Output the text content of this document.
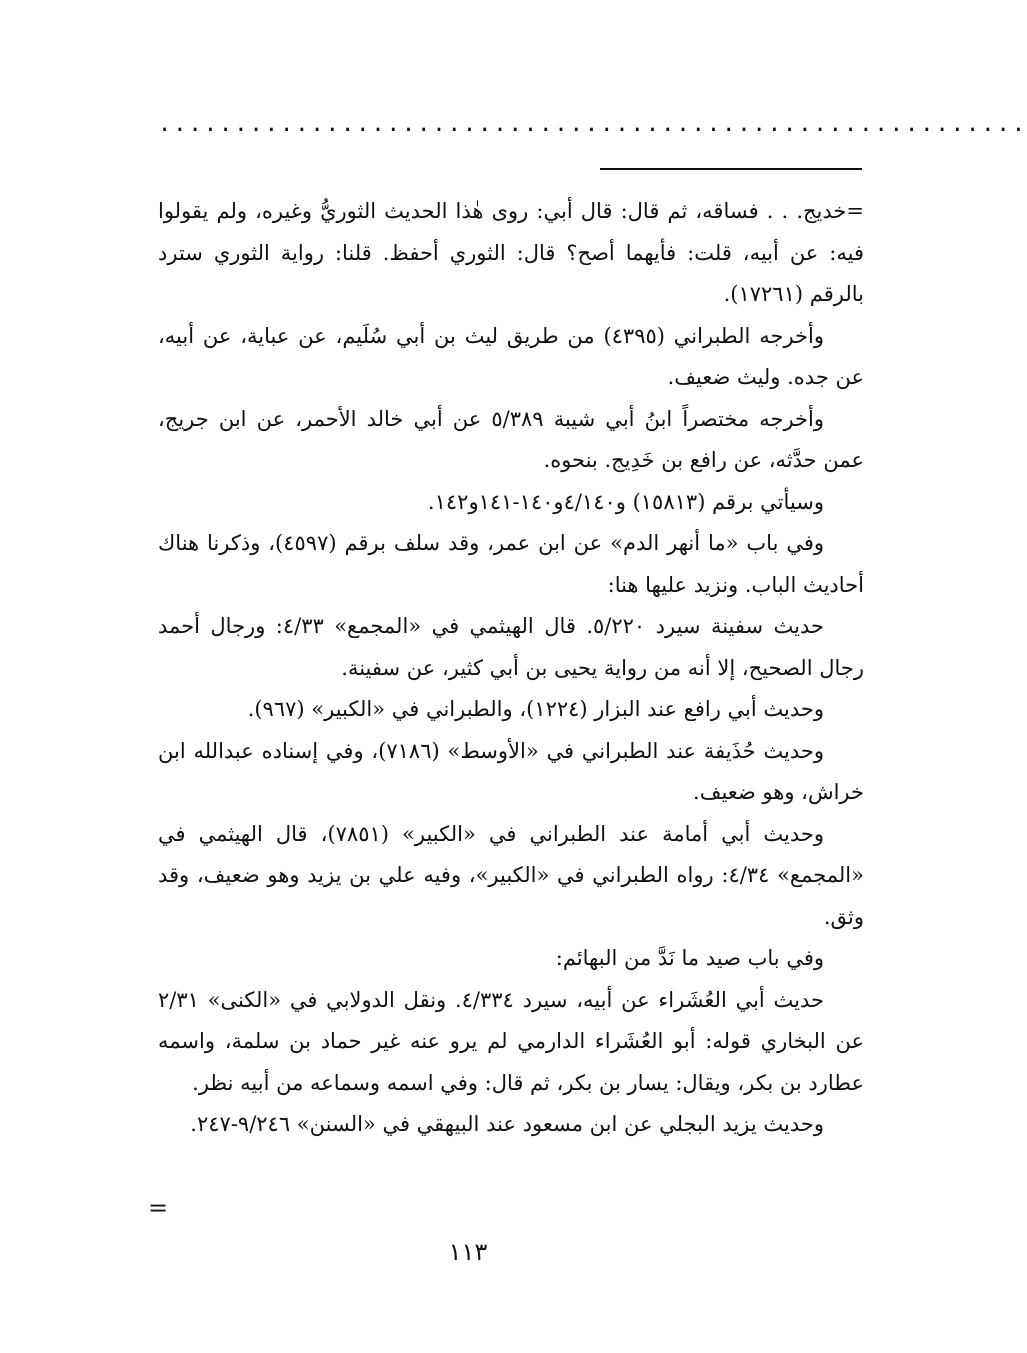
.........................................................

=خديج. . . فساقه، ثم قال: قال أبي: روى هٰذا الحديث الثوريُّ وغيره، ولم يقولوا فيه: عن أبيه، قلت: فأيهما أصح؟ قال: الثوري أحفظ. قلنا: رواية الثوري سترد بالرقم (١٧٢٦١).

وأخرجه الطبراني (٤٣٩٥) من طريق ليث بن أبي سُلَيم، عن عباية، عن أبيه، عن جده. وليث ضعيف.

وأخرجه مختصراً ابنُ أبي شيبة ٥/٣٨٩ عن أبي خالد الأحمر، عن ابن جريج، عمن حدَّثه، عن رافع بن خَدِيج. بنحوه.

وسيأتي برقم (١٥٨١٣) و٤/١٤٠و١٤٠-١٤١و١٤٢.

وفي باب «ما أنهر الدم» عن ابن عمر، وقد سلف برقم (٤٥٩٧)، وذكرنا هناك أحاديث الباب. ونزيد عليها هنا:

حديث سفينة سيرد ٥/٢٢٠. قال الهيثمي في «المجمع» ٤/٣٣: ورجال أحمد رجال الصحيح، إلا أنه من رواية يحيى بن أبي كثير، عن سفينة.

وحديث أبي رافع عند البزار (١٢٢٤)، والطبراني في «الكبير» (٩٦٧).

وحديث حُذَيفة عند الطبراني في «الأوسط» (٧١٨٦)، وفي إسناده عبدالله ابن خراش، وهو ضعيف.

وحديث أبي أمامة عند الطبراني في «الكبير» (٧٨٥١)، قال الهيثمي في «المجمع» ٤/٣٤: رواه الطبراني في «الكبير»، وفيه علي بن يزيد وهو ضعيف، وقد وثق.

وفي باب صيد ما نَدَّ من البهائم:

حديث أبي العُشَراء عن أبيه، سيرد ٤/٣٣٤. ونقل الدولابي في «الكنى» ٢/٣١ عن البخاري قوله: أبو العُشَراء الدارمي لم يرو عنه غير حماد بن سلمة، واسمه عطارد بن بكر، ويقال: يسار بن بكر، ثم قال: وفي اسمه وسماعه من أبيه نظر.

وحديث يزيد البجلي عن ابن مسعود عند البيهقي في «السنن» ٩/٢٤٦-٢٤٧.

=
١١٣
